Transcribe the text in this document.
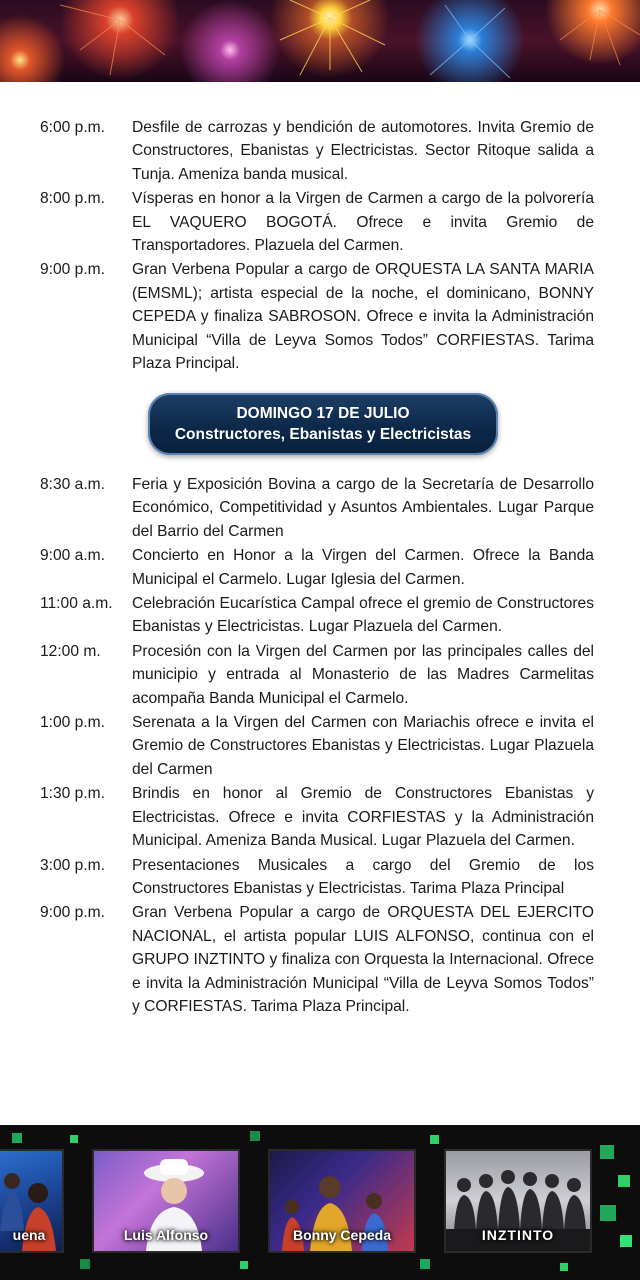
6:00 p.m.	Desfile de carrozas y bendición de automotores. Invita Gremio de Constructores, Ebanistas y Electricistas. Sector Ritoque salida a Tunja. Ameniza banda musical.
8:00 p.m.	Vísperas en honor a la Virgen de Carmen a cargo de la polvorería EL VAQUERO BOGOTÁ. Ofrece e invita Gremio de Transportadores. Plazuela del Carmen.
9:00 p.m.	Gran Verbena Popular a cargo de ORQUESTA LA SANTA MARIA (EMSML); artista especial de la noche, el dominicano, BONNY CEPEDA y finaliza SABROSON. Ofrece e invita la Administración Municipal “Villa de Leyva Somos Todos” CORFIESTAS. Tarima Plaza Principal.
DOMINGO 17 DE JULIO
Constructores, Ebanistas y Electricistas
8:30 a.m.	Feria y Exposición Bovina a cargo de la Secretaría de Desarrollo Económico, Competitividad y Asuntos Ambientales. Lugar Parque del Barrio del Carmen
9:00 a.m.	Concierto en Honor a la Virgen del Carmen. Ofrece la Banda Municipal el Carmelo. Lugar Iglesia del Carmen.
11:00 a.m.	Celebración Eucarística Campal ofrece el gremio de Constructores Ebanistas y Electricistas. Lugar Plazuela del Carmen.
12:00 m.	Procesión con la Virgen del Carmen por las principales calles del municipio y entrada al Monasterio de las Madres Carmelitas acompaña Banda Municipal el Carmelo.
1:00 p.m.	Serenata a la Virgen del Carmen con Mariachis ofrece e invita el Gremio de Constructores Ebanistas y Electricistas. Lugar Plazuela del Carmen
1:30 p.m.	Brindis en honor al Gremio de Constructores Ebanistas y Electricistas. Ofrece e invita CORFIESTAS y la Administración Municipal. Ameniza Banda Musical. Lugar Plazuela del Carmen.
3:00 p.m.	Presentaciones Musicales a cargo del Gremio de los Constructores Ebanistas y Electricistas. Tarima Plaza Principal
9:00 p.m.	Gran Verbena Popular a cargo de ORQUESTA DEL EJERCITO NACIONAL, el artista popular LUIS ALFONSO, continua con el GRUPO INZTINTO y finaliza con Orquesta la Internacional. Ofrece e invita la Administración Municipal “Villa de Leyva Somos Todos” y CORFIESTAS. Tarima Plaza Principal.
uena	Luis Alfonso	Bonny Cepeda	INZTINTO
